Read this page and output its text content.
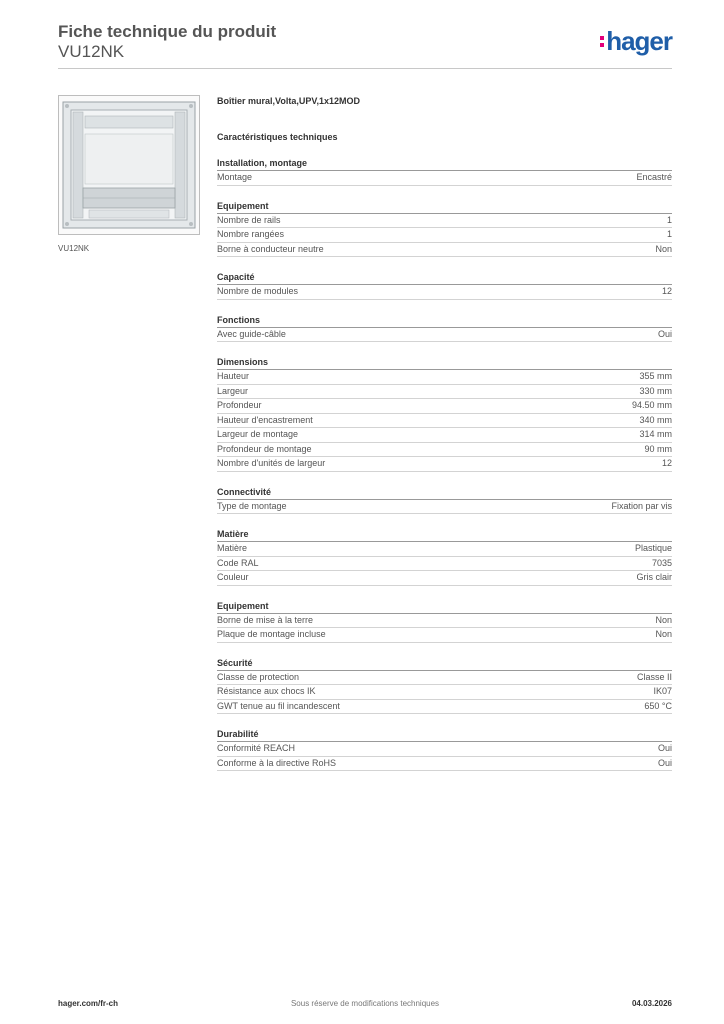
Fiche technique du produit
VU12NK	hager
VU12NK
Boîtier mural,Volta,UPV,1x12MOD
Caractéristiques techniques
Installation, montage
Montage	Encastré
Equipement
Nombre de rails	1
Nombre rangées	1
Borne à conducteur neutre	Non
Capacité
Nombre de modules	12
Fonctions
Avec guide-câble	Oui
Dimensions
Hauteur	355 mm
Largeur	330 mm
Profondeur	94.50 mm
Hauteur d'encastrement	340 mm
Largeur de montage	314 mm
Profondeur de montage	90 mm
Nombre d'unités de largeur	12
Connectivité
Type de montage	Fixation par vis
Matière
Matière	Plastique
Code RAL	7035
Couleur	Gris clair
Equipement
Borne de mise à la terre	Non
Plaque de montage incluse	Non
Sécurité
Classe de protection	Classe II
Résistance aux chocs IK	IK07
GWT tenue au fil incandescent	650 °C
Durabilité
Conformité REACH	Oui
Conforme à la directive RoHS	Oui
Sous réserve de modifications techniques
hager.com/fr-ch	04.03.2026
